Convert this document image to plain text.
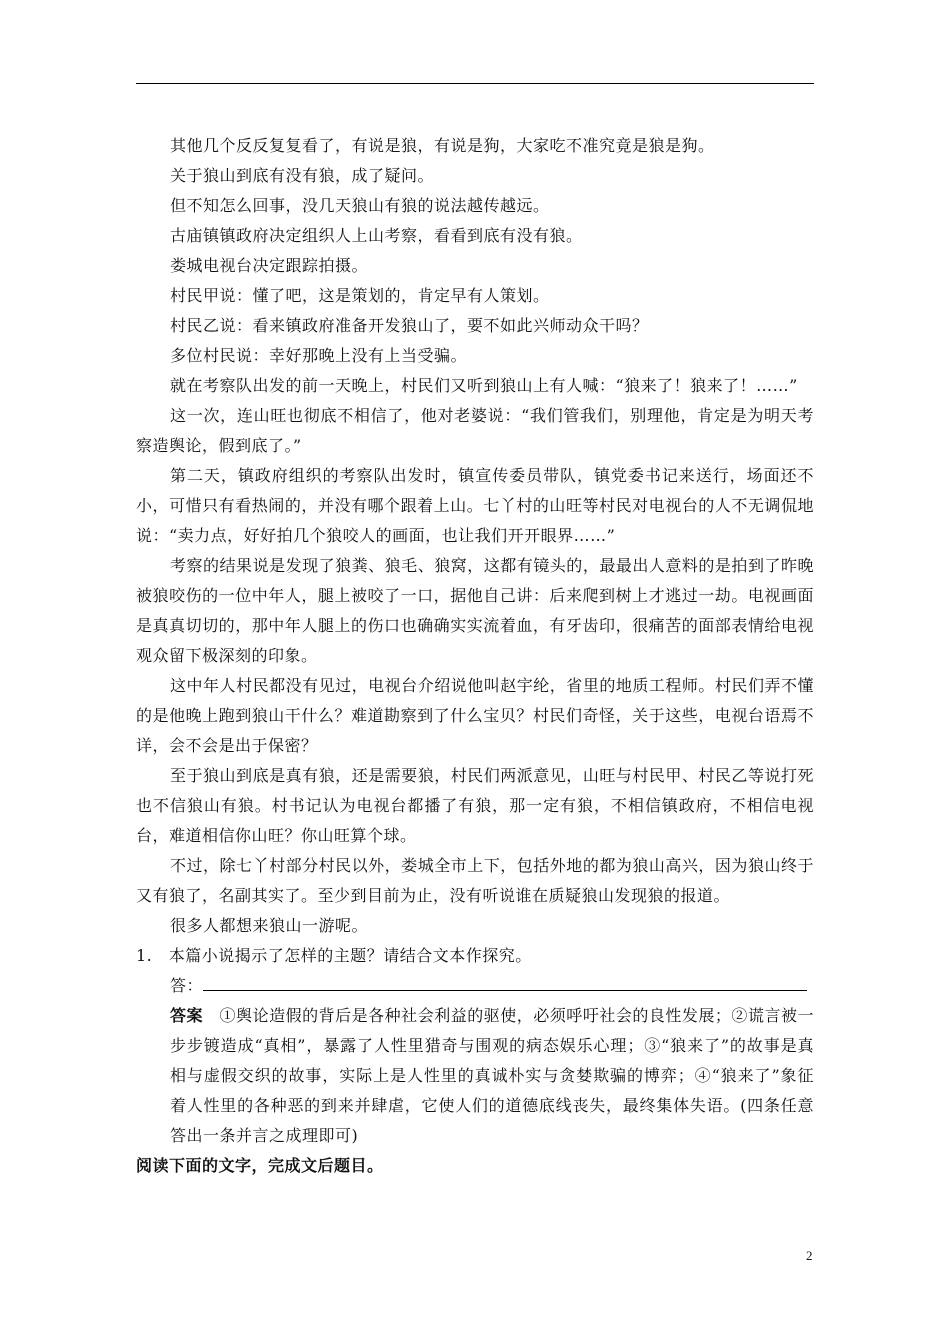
其他几个反反复复看了，有说是狼，有说是狗，大家吃不准究竟是狼是狗。

关于狼山到底有没有狼，成了疑问。

但不知怎么回事，没几天狼山有狼的说法越传越远。

古庙镇镇政府决定组织人上山考察，看看到底有没有狼。

娄城电视台决定跟踪拍摄。

村民甲说：懂了吧，这是策划的，肯定早有人策划。

村民乙说：看来镇政府准备开发狼山了，要不如此兴师动众干吗？

多位村民说：幸好那晚上没有上当受骗。

就在考察队出发的前一天晚上，村民们又听到狼山上有人喊：“狼来了！狼来了！……”

这一次，连山旺也彻底不相信了，他对老婆说：“我们管我们，别理他，肯定是为明天考察造舆论，假到底了。”

第二天，镇政府组织的考察队出发时，镇宣传委员带队，镇党委书记来送行，场面还不小，可惜只有看热闹的，并没有哪个跟着上山。七丫村的山旺等村民对电视台的人不无调侃地说：“卖力点，好好拍几个狼咬人的画面，也让我们开开眼界……”

考察的结果说是发现了狼粪、狼毛、狼窝，这都有镜头的，最最出人意料的是拍到了昨晚被狼咬伤的一位中年人，腿上被咬了一口，据他自己讲：后来爬到树上才逃过一劫。电视画面是真真切切的，那中年人腿上的伤口也确确实实流着血，有牙齿印，很痛苦的面部表情给电视观众留下极深刻的印象。

这中年人村民都没有见过，电视台介绍说他叫赵宇纶，省里的地质工程师。村民们弄不懂的是他晚上跑到狼山干什么？难道勘察到了什么宝贝？村民们奇怪，关于这些，电视台语焉不详，会不会是出于保密？

至于狼山到底是真有狼，还是需要狼，村民们两派意见，山旺与村民甲、村民乙等说打死也不信狼山有狼。村书记认为电视台都播了有狼，那一定有狼，不相信镇政府，不相信电视台，难道相信你山旺？你山旺算个球。

不过，除七丫村部分村民以外，娄城全市上下，包括外地的都为狼山高兴，因为狼山终于又有狼了，名副其实了。至少到目前为止，没有听说谁在质疑狼山发现狼的报道。

很多人都想来狼山一游呢。

1.　本篇小说揭示了怎样的主题？请结合文本作探究。

答：

答案　①舆论造假的背后是各种社会利益的驱使，必须呼吁社会的良性发展；②谎言被一步步镀造成“真相”，暴露了人性里猎奇与围观的病态娱乐心理；③“狼来了”的故事是真相与虚假交织的故事，实际上是人性里的真诚朴实与贪婪欺骗的博弈；④“狼来了”象征着人性里的各种恶的到来并肆虐，它使人们的道德底线丧失，最终集体失语。(四条任意答出一条并言之成理即可)

阅读下面的文字，完成文后题目。

2
